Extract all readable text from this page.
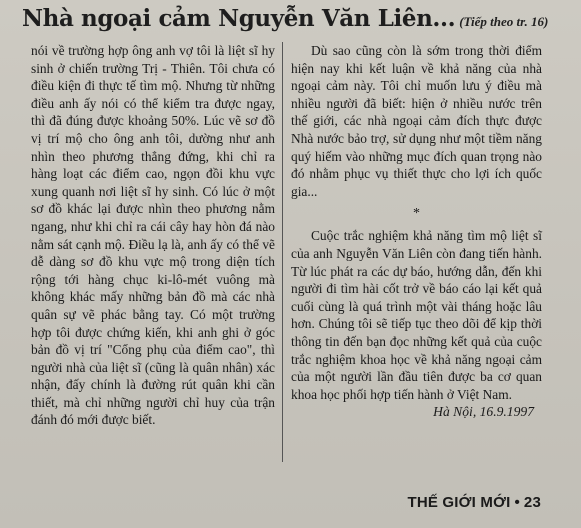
Nhà ngoại cảm Nguyễn Văn Liên... (Tiếp theo tr. 16)

nói về trường hợp ông anh vợ tôi là liệt sĩ hy sinh ở chiến trường Trị - Thiên. Tôi chưa có điều kiện đi thực tế tìm mộ. Nhưng từ những điều anh ấy nói có thể kiểm tra được ngay, thì đã đúng được khoảng 50%. Lúc vẽ sơ đồ vị trí mộ cho ông anh tôi, dường như anh nhìn theo phương thẳng đứng, khi chỉ ra hàng loạt các điểm cao, ngọn đồi khu vực xung quanh nơi liệt sĩ hy sinh. Có lúc ở một sơ đồ khác lại được nhìn theo phương nằm ngang, như khi chỉ ra cái cây hay hòn đá nào nằm sát cạnh mộ. Điều lạ là, anh ấy có thể vẽ dễ dàng sơ đồ khu vực mộ trong diện tích rộng tới hàng chục ki-lô-mét vuông mà không khác mấy những bản đồ mà các nhà quân sự vẽ phác bằng tay. Có một trường hợp tôi được chứng kiến, khi anh ghi ở góc bản đồ vị trí "Cổng phụ của điểm cao", thì người nhà của liệt sĩ (cũng là quân nhân) xác nhận, đấy chính là đường rút quân khi cần thiết, mà chỉ những người chỉ huy của trận đánh đó mới được biết.

Dù sao cũng còn là sớm trong thời điểm hiện nay khi kết luận về khả năng của nhà ngoại cảm này. Tôi chỉ muốn lưu ý điều mà nhiều người đã biết: hiện ở nhiều nước trên thế giới, các nhà ngoại cảm đích thực được Nhà nước bảo trợ, sử dụng như một tiềm năng quý hiếm vào những mục đích quan trọng nào đó nhằm phục vụ thiết thực cho lợi ích quốc gia...

*

Cuộc trắc nghiệm khả năng tìm mộ liệt sĩ của anh Nguyễn Văn Liên còn đang tiến hành. Từ lúc phát ra các dự báo, hướng dẫn, đến khi người đi tìm hài cốt trở về báo cáo lại kết quả cuối cùng là quá trình một vài tháng hoặc lâu hơn. Chúng tôi sẽ tiếp tục theo dõi để kịp thời thông tin đến bạn đọc những kết quả của cuộc trắc nghiệm khoa học về khả năng ngoại cảm của một người lần đầu tiên được ba cơ quan khoa học phối hợp tiến hành ở Việt Nam.

Hà Nội, 16.9.1997
THẾ GIỚI MỚI • 23
